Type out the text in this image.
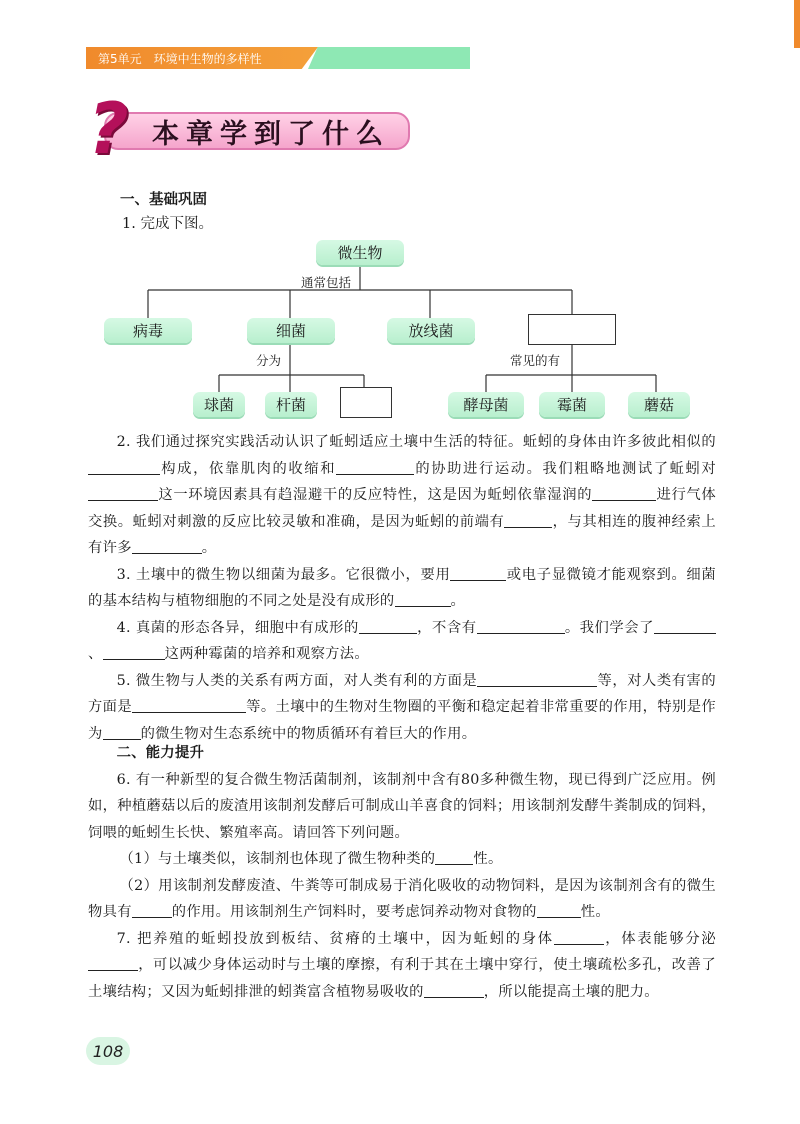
第5单元　环境中生物的多样性
? 本章学到了什么
一、基础巩固
1. 完成下图。
微生物
通常包括
病毒	细菌	放线菌
分为	常见的有
球菌	杆菌	酵母菌	霉菌	蘑菇

2. 我们通过探究实践活动认识了蚯蚓适应土壤中生活的特征。蚯蚓的身体由许多彼此相似的构成，依靠肌肉的收缩和	的协助进行运动。我们粗略地测试了蚯蚓对这一环境因素具有趋湿避干的反应特性，这是因为蚯蚓依靠湿润的	进行气体交换。蚯蚓对刺激的反应比较灵敏和准确，是因为蚯蚓的前端有	，与其相连的腹神经索上有许多	。

3. 土壤中的微生物以细菌为最多。它很微小，要用	或电子显微镜才能观察到。细菌的基本结构与植物细胞的不同之处是没有成形的	。

4. 真菌的形态各异，细胞中有成形的	，不含有	。我们学会了、	这两种霉菌的培养和观察方法。

5. 微生物与人类的关系有两方面，对人类有利的方面是	等，对人类有害的方面是	等。土壤中的生物对生物圈的平衡和稳定起着非常重要的作用，特别是作为	的微生物对生态系统中的物质循环有着巨大的作用。

二、能力提升

6. 有一种新型的复合微生物活菌制剂，该制剂中含有80多种微生物，现已得到广泛应用。例如，种植蘑菇以后的废渣用该制剂发酵后可制成山羊喜食的饲料；用该制剂发酵牛粪制成的饲料，饲喂的蚯蚓生长快、繁殖率高。请回答下列问题。

（1）与土壤类似，该制剂也体现了微生物种类的	性。

（2）用该制剂发酵废渣、牛粪等可制成易于消化吸收的动物饲料，是因为该制剂含有的微生物具有	的作用。用该制剂生产饲料时，要考虑饲养动物对食物的	性。

7. 把养殖的蚯蚓投放到板结、贫瘠的土壤中，因为蚯蚓的身体	，体表能够分泌，可以减少身体运动时与土壤的摩擦，有利于其在土壤中穿行，使土壤疏松多孔，改善了土壤结构；又因为蚯蚓排泄的蚓粪富含植物易吸收的	，所以能提高土壤的肥力。

108
